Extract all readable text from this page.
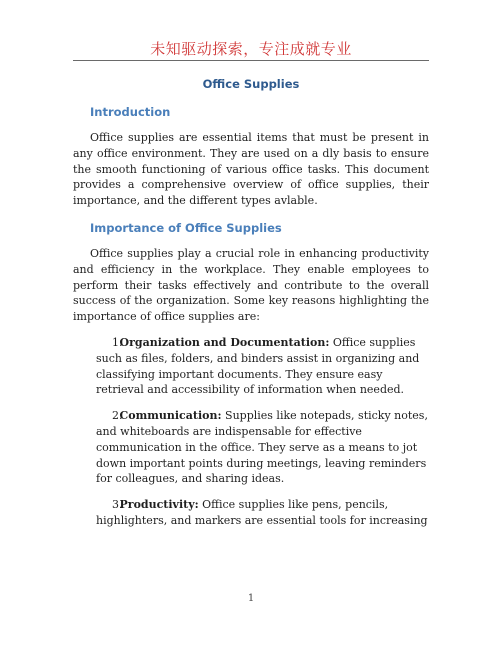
未知驱动探索，专注成就专业

Office Supplies

Introduction

Office supplies are essential items that must be present in any office environment. They are used on a dly basis to ensure the smooth functioning of various office tasks. This document provides a comprehensive overview of office supplies, their importance, and the different types avlable.

Importance of Office Supplies

Office supplies play a crucial role in enhancing productivity and efficiency in the workplace. They enable employees to perform their tasks effectively and contribute to the overall success of the organization. Some key reasons highlighting the importance of office supplies are:

1. Organization and Documentation: Office supplies such as files, folders, and binders assist in organizing and classifying important documents. They ensure easy retrieval and accessibility of information when needed.
2. Communication: Supplies like notepads, sticky notes, and whiteboards are indispensable for effective communication in the office. They serve as a means to jot down important points during meetings, leaving reminders for colleagues, and sharing ideas.
3. Productivity: Office supplies like pens, pencils, highlighters, and markers are essential tools for increasing
1
